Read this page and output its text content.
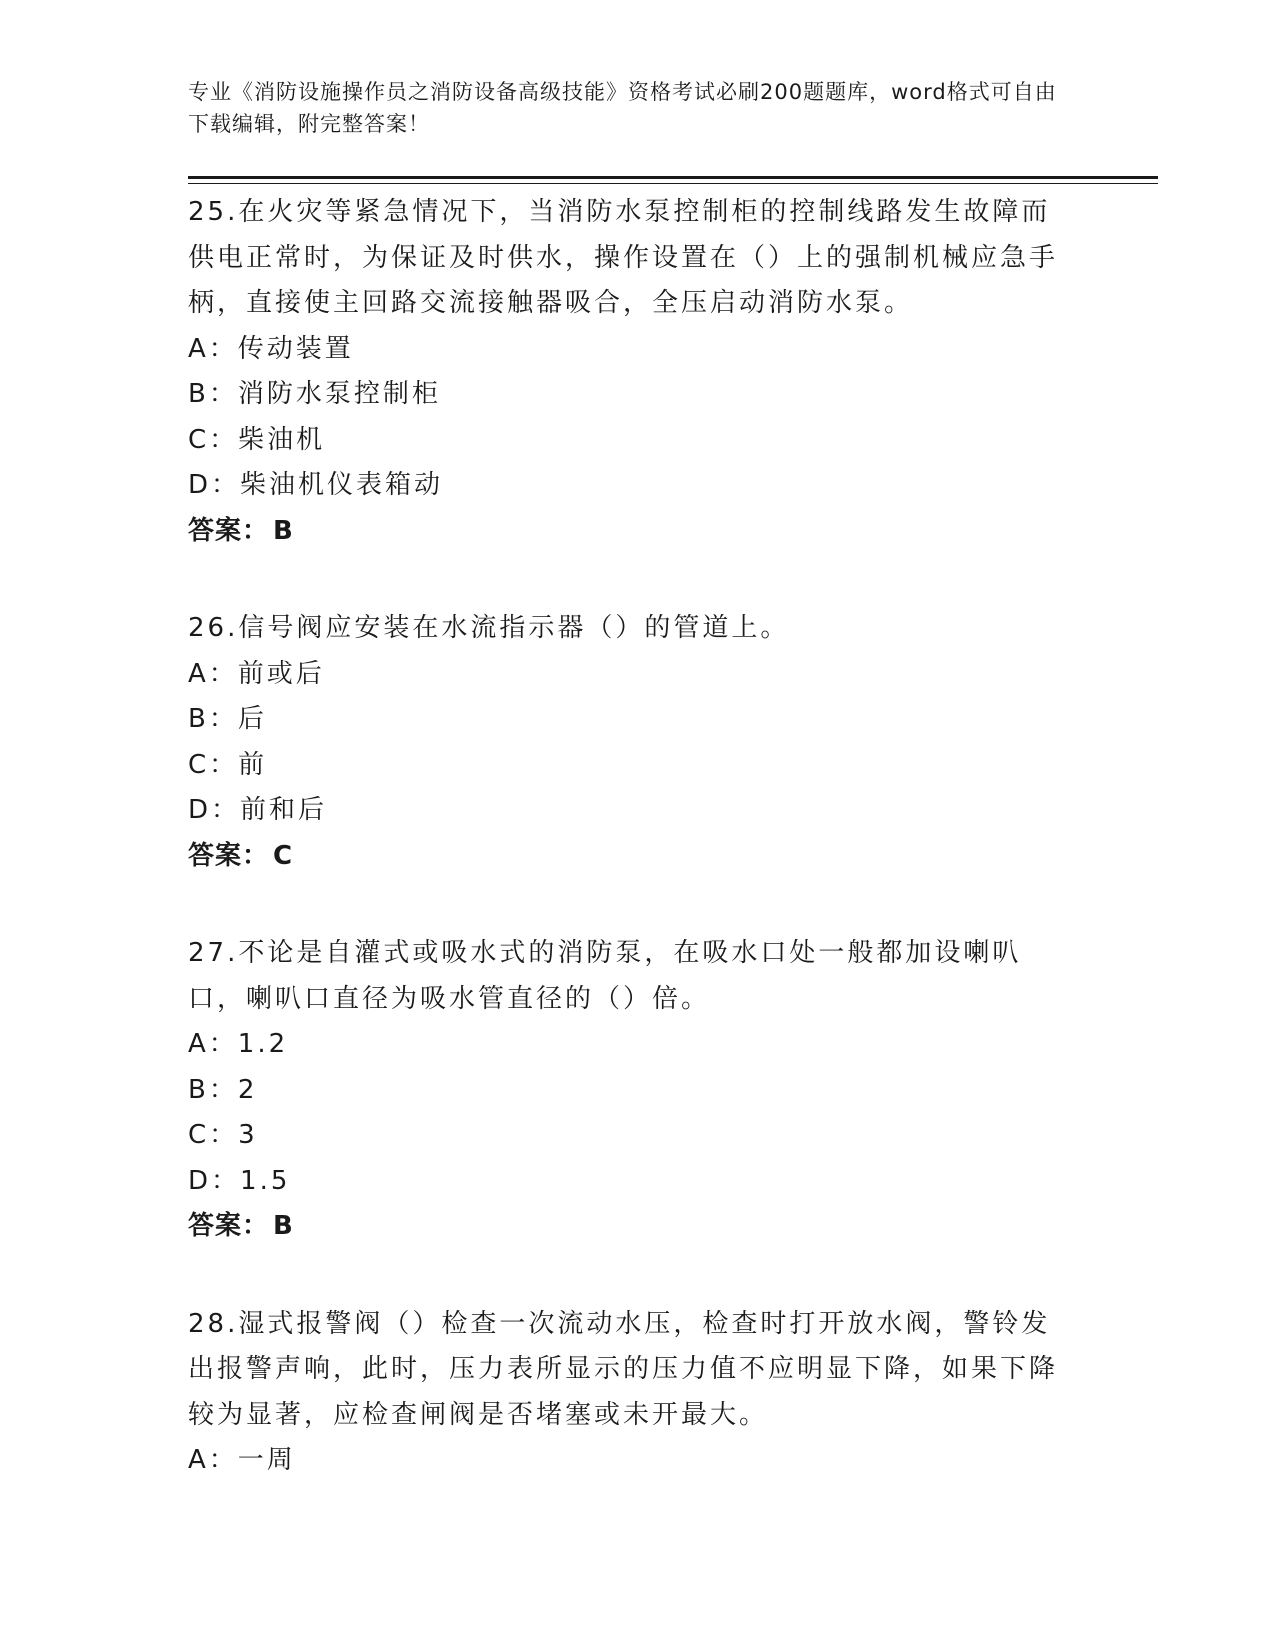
专业《消防设施操作员之消防设备高级技能》资格考试必刷200题题库，word格式可自由下载编辑，附完整答案！

25.在火灾等紧急情况下，当消防水泵控制柜的控制线路发生故障而供电正常时，为保证及时供水，操作设置在（）上的强制机械应急手柄，直接使主回路交流接触器吸合，全压启动消防水泵。

A：传动装置

B：消防水泵控制柜

C：柴油机

D：柴油机仪表箱动

答案： B

26.信号阀应安装在水流指示器（）的管道上。

A：前或后

B：后

C：前

D：前和后

答案： C

27.不论是自灌式或吸水式的消防泵，在吸水口处一般都加设喇叭口，喇叭口直径为吸水管直径的（）倍。

A：1.2

B：2

C：3

D：1.5

答案： B

28.湿式报警阀（）检查一次流动水压，检查时打开放水阀，警铃发出报警声响，此时，压力表所显示的压力值不应明显下降，如果下降较为显著，应检查闸阀是否堵塞或未开最大。

A：一周
